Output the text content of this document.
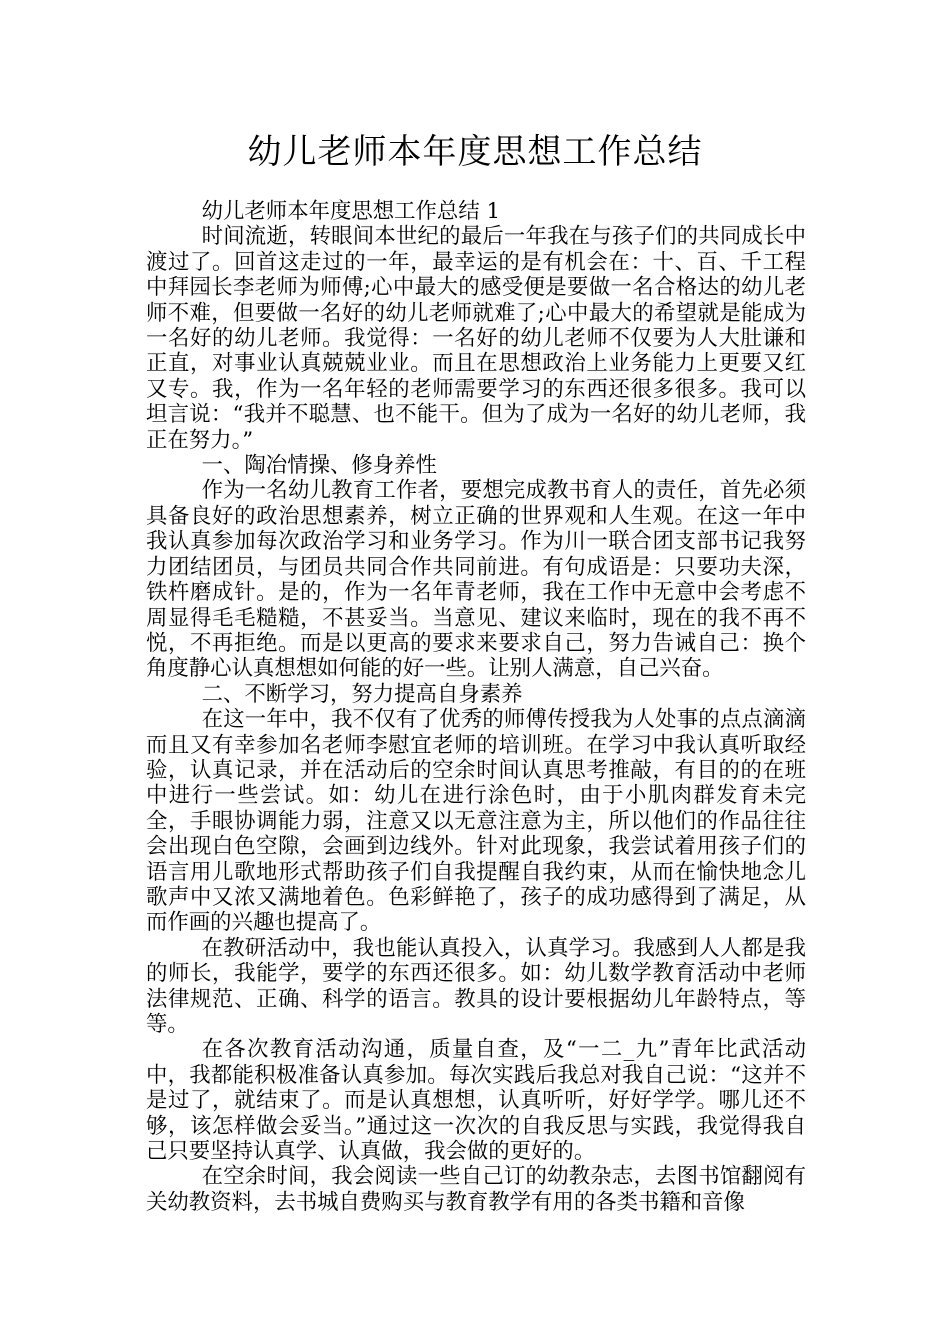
幼儿老师本年度思想工作总结

幼儿老师本年度思想工作总结 1

时间流逝，转眼间本世纪的最后一年我在与孩子们的共同成长中渡过了。回首这走过的一年，最幸运的是有机会在：十、百、千工程中拜园长李老师为师傅;心中最大的感受便是要做一名合格达的幼儿老师不难，但要做一名好的幼儿老师就难了;心中最大的希望就是能成为一名好的幼儿老师。我觉得：一名好的幼儿老师不仅要为人大肚谦和正直，对事业认真兢兢业业。而且在思想政治上业务能力上更要又红又专。我，作为一名年轻的老师需要学习的东西还很多很多。我可以坦言说：“我并不聪慧、也不能干。但为了成为一名好的幼儿老师，我正在努力。”

一、陶冶情操、修身养性

作为一名幼儿教育工作者，要想完成教书育人的责任，首先必须具备良好的政治思想素养，树立正确的世界观和人生观。在这一年中我认真参加每次政治学习和业务学习。作为川一联合团支部书记我努力团结团员，与团员共同合作共同前进。有句成语是：只要功夫深，铁杵磨成针。是的，作为一名年青老师，我在工作中无意中会考虑不周显得毛毛糙糙，不甚妥当。当意见、建议来临时，现在的我不再不悦，不再拒绝。而是以更高的要求来要求自己，努力告诫自己：换个角度静心认真想想如何能的好一些。让别人满意，自己兴奋。

二、不断学习，努力提高自身素养

在这一年中，我不仅有了优秀的师傅传授我为人处事的点点滴滴而且又有幸参加名老师李慰宜老师的培训班。在学习中我认真听取经验，认真记录，并在活动后的空余时间认真思考推敲，有目的的在班中进行一些尝试。如：幼儿在进行涂色时，由于小肌肉群发育未完全，手眼协调能力弱，注意又以无意注意为主，所以他们的作品往往会出现白色空隙，会画到边线外。针对此现象，我尝试着用孩子们的语言用儿歌地形式帮助孩子们自我提醒自我约束，从而在愉快地念儿歌声中又浓又满地着色。色彩鲜艳了，孩子的成功感得到了满足，从而作画的兴趣也提高了。

在教研活动中，我也能认真投入，认真学习。我感到人人都是我的师长，我能学，要学的东西还很多。如：幼儿数学教育活动中老师法律规范、正确、科学的语言。教具的设计要根据幼儿年龄特点，等等。

在各次教育活动沟通，质量自查，及“一二_九”青年比武活动中，我都能积极准备认真参加。每次实践后我总对我自己说：“这并不是过了，就结束了。而是认真想想，认真听听，好好学学。哪儿还不够，该怎样做会妥当。”通过这一次次的自我反思与实践，我觉得我自己只要坚持认真学、认真做，我会做的更好的。

在空余时间，我会阅读一些自己订的幼教杂志，去图书馆翻阅有关幼教资料，去书城自费购买与教育教学有用的各类书籍和音像
